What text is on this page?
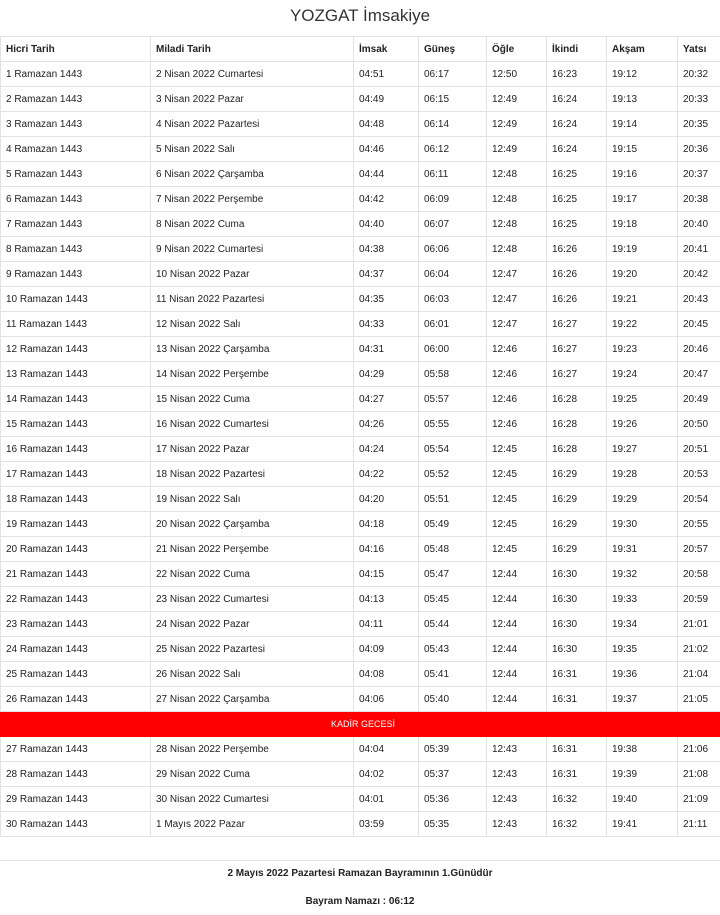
YOZGAT İmsakiye
Hicri Tarih	Miladi Tarih	İmsak	Güneş	Öğle	İkindi	Akşam	Yatsı
1 Ramazan 1443	2 Nisan 2022 Cumartesi	04:51	06:17	12:50	16:23	19:12	20:32
2 Ramazan 1443	3 Nisan 2022 Pazar	04:49	06:15	12:49	16:24	19:13	20:33
3 Ramazan 1443	4 Nisan 2022 Pazartesi	04:48	06:14	12:49	16:24	19:14	20:35
4 Ramazan 1443	5 Nisan 2022 Salı	04:46	06:12	12:49	16:24	19:15	20:36
5 Ramazan 1443	6 Nisan 2022 Çarşamba	04:44	06:11	12:48	16:25	19:16	20:37
6 Ramazan 1443	7 Nisan 2022 Perşembe	04:42	06:09	12:48	16:25	19:17	20:38
7 Ramazan 1443	8 Nisan 2022 Cuma	04:40	06:07	12:48	16:25	19:18	20:40
8 Ramazan 1443	9 Nisan 2022 Cumartesi	04:38	06:06	12:48	16:26	19:19	20:41
9 Ramazan 1443	10 Nisan 2022 Pazar	04:37	06:04	12:47	16:26	19:20	20:42
10 Ramazan 1443	11 Nisan 2022 Pazartesi	04:35	06:03	12:47	16:26	19:21	20:43
11 Ramazan 1443	12 Nisan 2022 Salı	04:33	06:01	12:47	16:27	19:22	20:45
12 Ramazan 1443	13 Nisan 2022 Çarşamba	04:31	06:00	12:46	16:27	19:23	20:46
13 Ramazan 1443	14 Nisan 2022 Perşembe	04:29	05:58	12:46	16:27	19:24	20:47
14 Ramazan 1443	15 Nisan 2022 Cuma	04:27	05:57	12:46	16:28	19:25	20:49
15 Ramazan 1443	16 Nisan 2022 Cumartesi	04:26	05:55	12:46	16:28	19:26	20:50
16 Ramazan 1443	17 Nisan 2022 Pazar	04:24	05:54	12:45	16:28	19:27	20:51
17 Ramazan 1443	18 Nisan 2022 Pazartesi	04:22	05:52	12:45	16:29	19:28	20:53
18 Ramazan 1443	19 Nisan 2022 Salı	04:20	05:51	12:45	16:29	19:29	20:54
19 Ramazan 1443	20 Nisan 2022 Çarşamba	04:18	05:49	12:45	16:29	19:30	20:55
20 Ramazan 1443	21 Nisan 2022 Perşembe	04:16	05:48	12:45	16:29	19:31	20:57
21 Ramazan 1443	22 Nisan 2022 Cuma	04:15	05:47	12:44	16:30	19:32	20:58
22 Ramazan 1443	23 Nisan 2022 Cumartesi	04:13	05:45	12:44	16:30	19:33	20:59
23 Ramazan 1443	24 Nisan 2022 Pazar	04:11	05:44	12:44	16:30	19:34	21:01
24 Ramazan 1443	25 Nisan 2022 Pazartesi	04:09	05:43	12:44	16:30	19:35	21:02
25 Ramazan 1443	26 Nisan 2022 Salı	04:08	05:41	12:44	16:31	19:36	21:04
26 Ramazan 1443	27 Nisan 2022 Çarşamba	04:06	05:40	12:44	16:31	19:37	21:05
KADİR GECESİ							
27 Ramazan 1443	28 Nisan 2022 Perşembe	04:04	05:39	12:43	16:31	19:38	21:06
28 Ramazan 1443	29 Nisan 2022 Cuma	04:02	05:37	12:43	16:31	19:39	21:08
29 Ramazan 1443	30 Nisan 2022 Cumartesi	04:01	05:36	12:43	16:32	19:40	21:09
30 Ramazan 1443	1 Mayıs 2022 Pazar	03:59	05:35	12:43	16:32	19:41	21:11
2 Mayıs 2022 Pazartesi Ramazan Bayramının 1.Günüdür
Bayram Namazı : 06:12
